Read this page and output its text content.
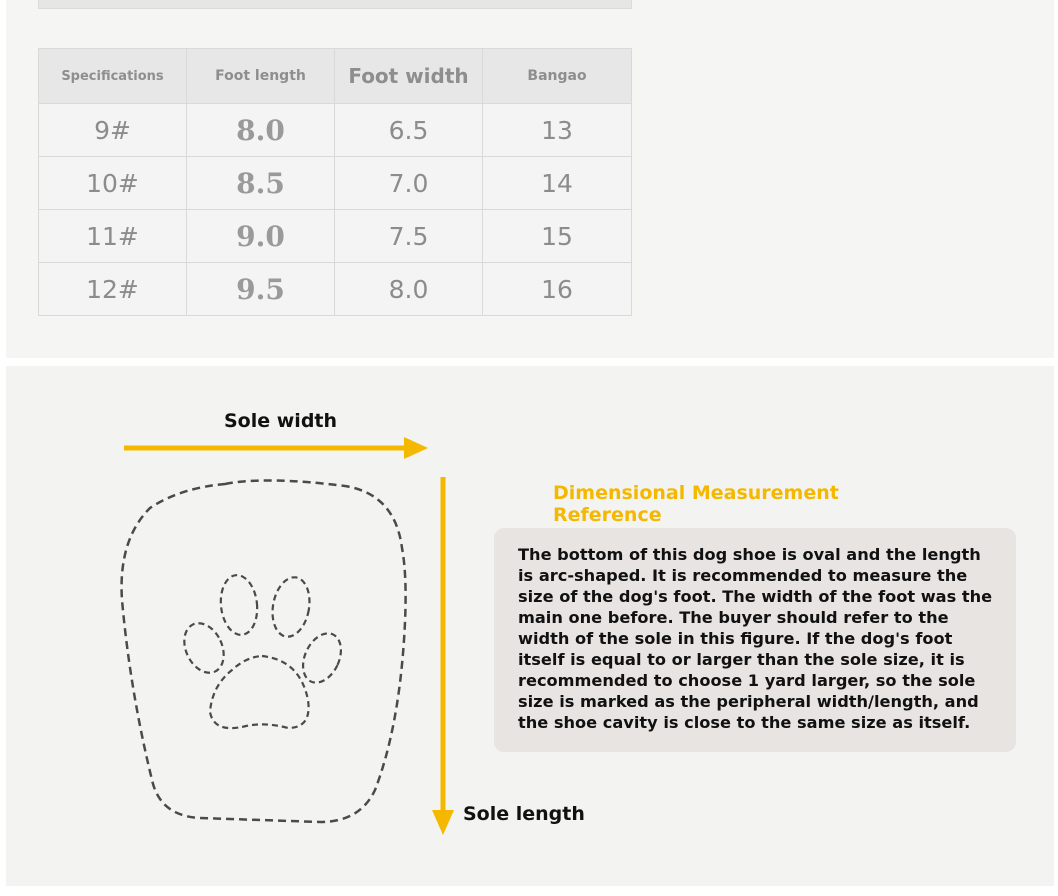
Specifications	Foot length	Foot width	Bangao
9#	8.0	6.5	13
10#	8.5	7.0	14
11#	9.0	7.5	15
12#	9.5	8.0	16
Sole width
Sole length
Dimensional Measurement Reference

The bottom of this dog shoe is oval and the length is arc-shaped. It is recommended to measure the size of the dog's foot. The width of the foot was the main one before. The buyer should refer to the width of the sole in this figure. If the dog's foot itself is equal to or larger than the sole size, it is recommended to choose 1 yard larger, so the sole size is marked as the peripheral width/length, and the shoe cavity is close to the same size as itself.
